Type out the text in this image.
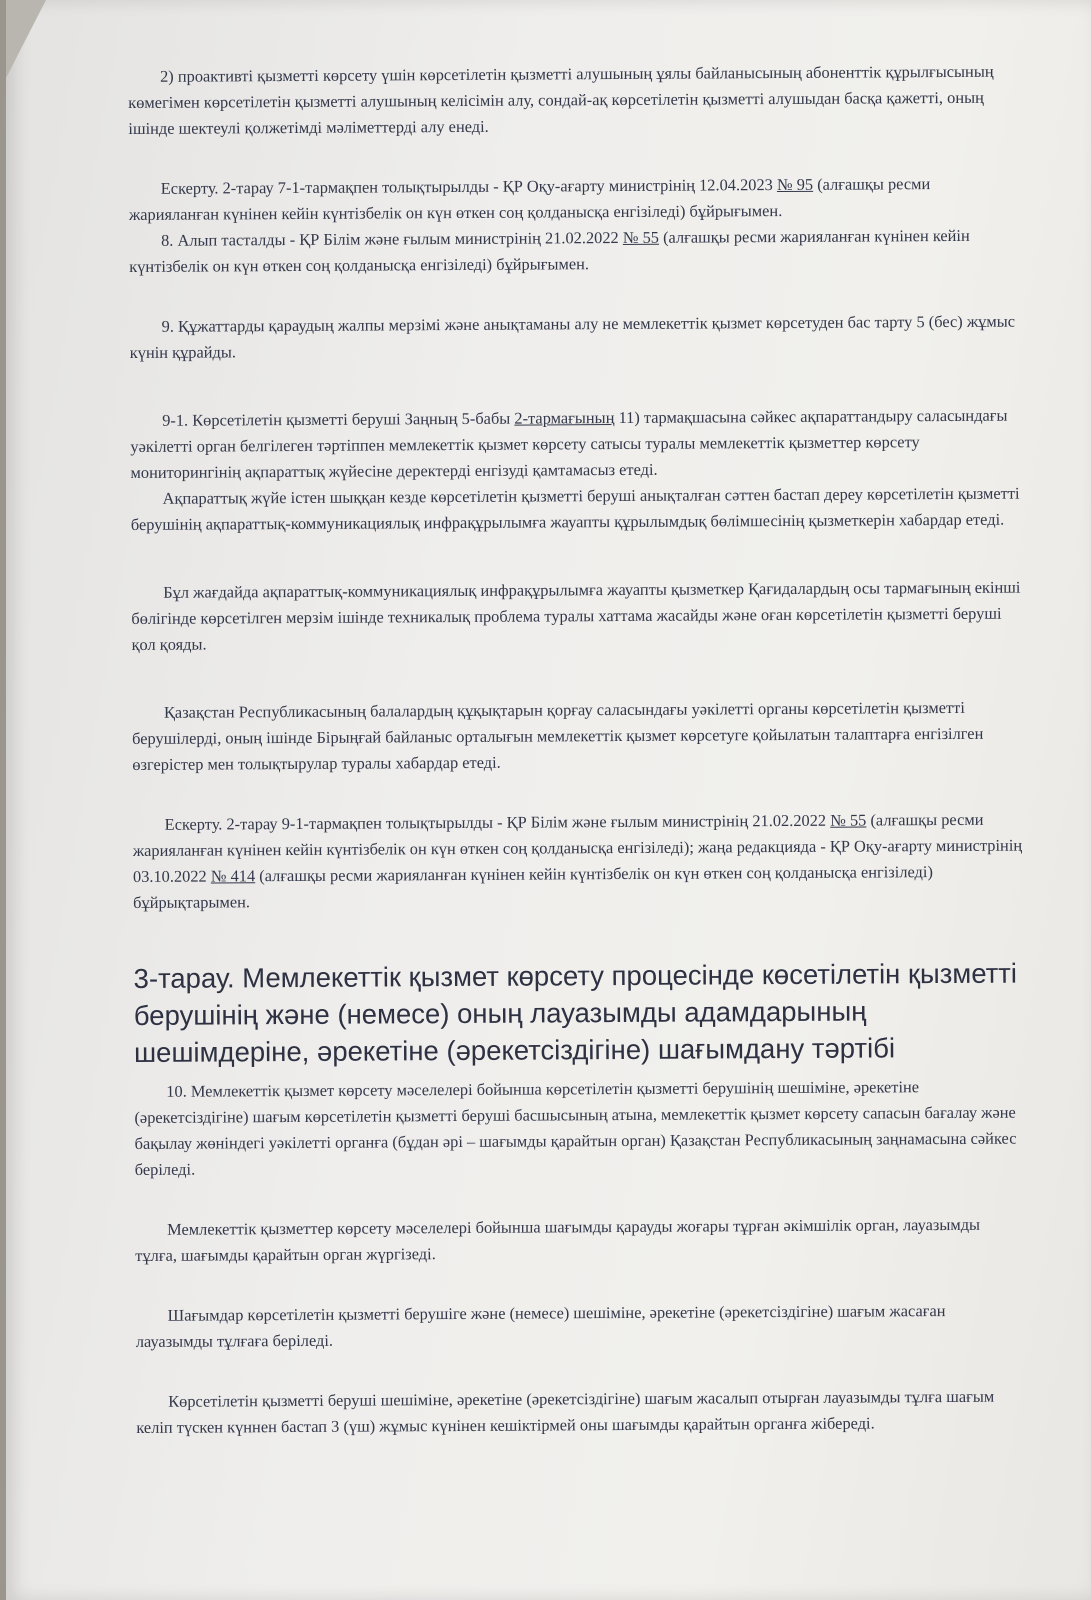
2) проактивті қызметті көрсету үшін көрсетілетін қызметті алушының ұялы байланысының абоненттік құрылғысының көмегімен көрсетілетін қызметті алушының келісімін алу, сондай-ақ көрсетілетін қызметті алушыдан басқа қажетті, оның ішінде шектеулі қолжетімді мәліметтерді алу енеді.

Ескерту. 2-тарау 7-1-тармақпен толықтырылды - ҚР Оқу-ағарту министрінің 12.04.2023 № 95 (алғашқы ресми жарияланған күнінен кейін күнтізбелік он күн өткен соң қолданысқа енгізіледі) бұйрығымен.

8. Алып тасталды - ҚР Білім және ғылым министрінің 21.02.2022 № 55 (алғашқы ресми жарияланған күнінен кейін күнтізбелік он күн өткен соң қолданысқа енгізіледі) бұйрығымен.

9. Құжаттарды қараудың жалпы мерзімі және анықтаманы алу не мемлекеттік қызмет көрсетуден бас тарту 5 (бес) жұмыс күнін құрайды.

9-1. Көрсетілетін қызметті беруші Заңның 5-бабы 2-тармағының 11) тармақшасына сәйкес ақпараттандыру саласындағы уәкілетті орган белгілеген тәртіппен мемлекеттік қызмет көрсету сатысы туралы мемлекеттік қызметтер көрсету мониторингінің ақпараттық жүйесіне деректерді енгізуді қамтамасыз етеді.

Ақпараттық жүйе істен шыққан кезде көрсетілетін қызметті беруші анықталған сәттен бастап дереу көрсетілетін қызметті берушінің ақпараттық-коммуникациялық инфрақұрылымға жауапты құрылымдық бөлімшесінің қызметкерін хабардар етеді.

Бұл жағдайда ақпараттық-коммуникациялық инфрақұрылымға жауапты қызметкер Қағидалардың осы тармағының екінші бөлігінде көрсетілген мерзім ішінде техникалық проблема туралы хаттама жасайды және оған көрсетілетін қызметті беруші қол қояды.

Қазақстан Республикасының балалардың құқықтарын қорғау саласындағы уәкілетті органы көрсетілетін қызметті берушілерді, оның ішінде Бірыңғай байланыс орталығын мемлекеттік қызмет көрсетуге қойылатын талаптарға енгізілген өзгерістер мен толықтырулар туралы хабардар етеді.

Ескерту. 2-тарау 9-1-тармақпен толықтырылды - ҚР Білім және ғылым министрінің 21.02.2022 № 55 (алғашқы ресми жарияланған күнінен кейін күнтізбелік он күн өткен соң қолданысқа енгізіледі); жаңа редакцияда - ҚР Оқу-ағарту министрінің 03.10.2022 № 414 (алғашқы ресми жарияланған күнінен кейін күнтізбелік он күн өткен соң қолданысқа енгізіледі) бұйрықтарымен.

3-тарау. Мемлекеттік қызмет көрсету процесінде көсетілетін қызметті берушінің және (немесе) оның лауазымды адамдарының шешімдеріне, әрекетіне (әрекетсіздігіне) шағымдану тәртібі

10. Мемлекеттік қызмет көрсету мәселелері бойынша көрсетілетін қызметті берушінің шешіміне, әрекетіне (әрекетсіздігіне) шағым көрсетілетін қызметті беруші басшысының атына, мемлекеттік қызмет көрсету сапасын бағалау және бақылау жөніндегі уәкілетті органға (бұдан әрі – шағымды қарайтын орган) Қазақстан Республикасының заңнамасына сәйкес беріледі.

Мемлекеттік қызметтер көрсету мәселелері бойынша шағымды қарауды жоғары тұрған әкімшілік орган, лауазымды тұлға, шағымды қарайтын орган жүргізеді.

Шағымдар көрсетілетін қызметті берушіге және (немесе) шешіміне, әрекетіне (әрекетсіздігіне) шағым жасаған лауазымды тұлғаға беріледі.

Көрсетілетін қызметті беруші шешіміне, әрекетіне (әрекетсіздігіне) шағым жасалып отырған лауазымды тұлға шағым келіп түскен күннен бастап 3 (үш) жұмыс күнінен кешіктірмей оны шағымды қарайтын органға жібереді.
